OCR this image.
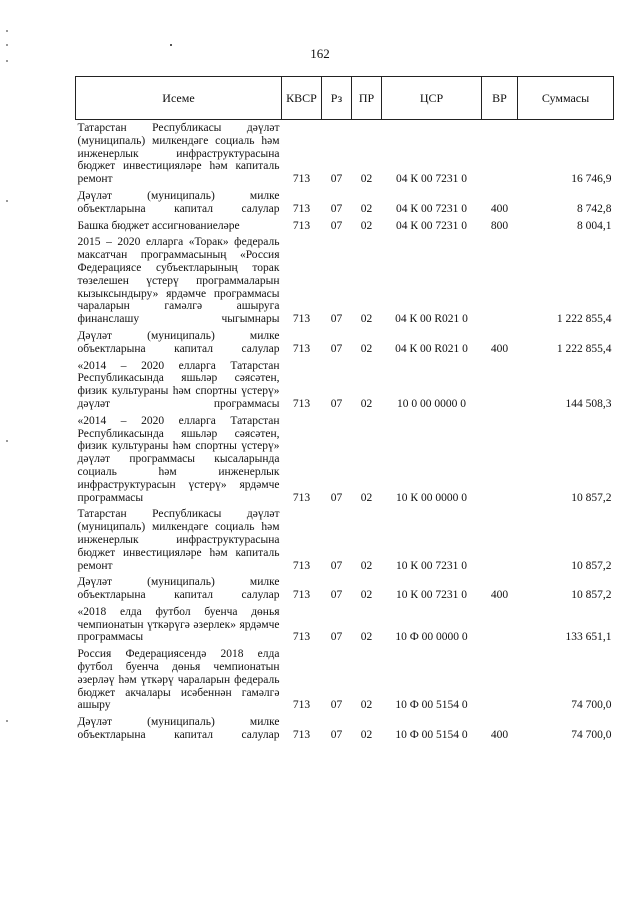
162
Исеме	КВСР	Рз	ПР	ЦСР	ВР	Суммасы
Татарстан Республикасы дәүләт (муниципаль) милкендәге социаль һәм инженерлык инфраструктурасына бюджет инвестицияләре һәм капиталь ремонт	713	07	02	04 К 00 7231 0		16 746,9
Дәүләт (муниципаль) милке объектларына капитал салулар	713	07	02	04 К 00 7231 0	400	8 742,8
Башка бюджет ассигнованиеләре	713	07	02	04 К 00 7231 0	800	8 004,1
2015 – 2020 елларга «Торак» федераль максатчан программасының «Россия Федерациясе субъектларының торак төзелешен үстерү программаларын кызыксындыру» ярдәмче программасы чараларын гамәлгә ашыруга финанслашу чыгымнары	713	07	02	04 К 00 R021 0		1 222 855,4
Дәүләт (муниципаль) милке объектларына капитал салулар	713	07	02	04 К 00 R021 0	400	1 222 855,4
«2014 – 2020 елларга Татарстан Республикасында яшьләр сәясәтен, физик культураны һәм спортны үстерү» дәүләт программасы	713	07	02	10 0 00 0000 0		144 508,3
«2014 – 2020 елларга Татарстан Республикасында яшьләр сәясәтен, физик культураны һәм спортны үстерү» дәүләт программасы кысаларында социаль һәм инженерлык инфраструктурасын үстерү» ярдәмче программасы	713	07	02	10 К 00 0000 0		10 857,2
Татарстан Республикасы дәүләт (муниципаль) милкендәге социаль һәм инженерлык инфраструктурасына бюджет инвестицияләре һәм капиталь ремонт	713	07	02	10 К 00 7231 0		10 857,2
Дәүләт (муниципаль) милке объектларына капитал салулар	713	07	02	10 К 00 7231 0	400	10 857,2
«2018 елда футбол буенча дөнья чемпионатын үткәрүгә әзерлек» ярдәмче программасы	713	07	02	10 Ф 00 0000 0		133 651,1
Россия Федерациясендә 2018 елда футбол буенча дөнья чемпионатын әзерләү һәм үткәрү чараларын федераль бюджет акчалары исәбеннән гамәлгә ашыру	713	07	02	10 Ф 00 5154 0		74 700,0
Дәүләт (муниципаль) милке объектларына капитал салулар	713	07	02	10 Ф 00 5154 0	400	74 700,0
